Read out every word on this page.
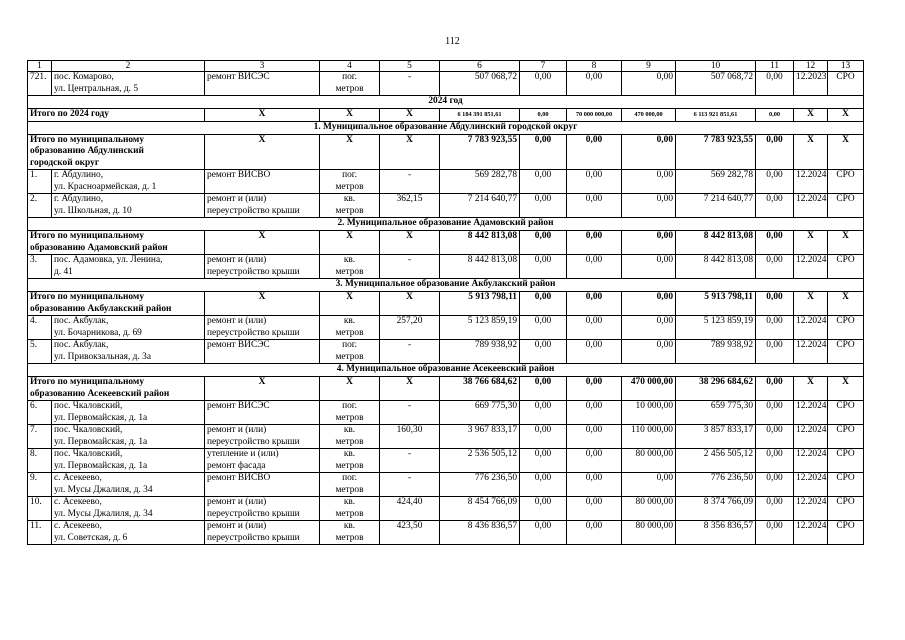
112
1	2	3	4	5	6	7	8	9	10	11	12	13
721.	пос. Комарово,
ул. Центральная, д. 5	ремонт ВИСЭС	пог.
метров	-	507 068,72	0,00	0,00	0,00	507 068,72	0,00	12.2023	СРО
2024 год												
Итого по 2024 году		X	X	X	6 184 391 851,61	0,00	70 000 000,00	470 000,00	6 113 921 851,61	0,00	X	X
1. Муниципальное образование Абдулинский городской округ												

Итого по муниципальному
образованию Абдулинский
городской округ		X	X	X	7 783 923,55	0,00	0,00	0,00	7 783 923,55	0,00	X	X
1.	г. Абдулино,
ул. Красноармейская, д. 1	ремонт ВИСВО	пог.
метров	-	569 282,78	0,00	0,00	0,00	569 282,78	0,00	12.2024	СРО
2.	г. Абдулино,
ул. Школьная, д. 10	ремонт и (или)
переустройство крыши	кв.
метров	362,15	7 214 640,77	0,00	0,00	0,00	7 214 640,77	0,00	12.2024	СРО
2. Муниципальное образование Адамовский район												

Итого по муниципальному
образованию Адамовский район		X	X	X	8 442 813,08	0,00	0,00	0,00	8 442 813,08	0,00	X	X
3.	пос. Адамовка, ул. Ленина,
д. 41	ремонт и (или)
переустройство крыши	кв.
метров	-	8 442 813,08	0,00	0,00	0,00	8 442 813,08	0,00	12.2024	СРО
3. Муниципальное образование Акбулакский район												

Итого по муниципальному
образованию Акбулакский район		X	X	X	5 913 798,11	0,00	0,00	0,00	5 913 798,11	0,00	X	X
4.	пос. Акбулак,
ул. Бочарникова, д. 69	ремонт и (или)
переустройство крыши	кв.
метров	257,20	5 123 859,19	0,00	0,00	0,00	5 123 859,19	0,00	12.2024	СРО
5.	пос. Акбулак,
ул. Привокзальная, д. 3а	ремонт ВИСЭС	пог.
метров	-	789 938,92	0,00	0,00	0,00	789 938,92	0,00	12.2024	СРО
4. Муниципальное образование Асекеевский район												

Итого по муниципальному
образованию Асекеевский район		X	X	X	38 766 684,62	0,00	0,00	470 000,00	38 296 684,62	0,00	X	X
6.	пос. Чкаловский,
ул. Первомайская, д. 1а	ремонт ВИСЭС	пог.
метров	-	669 775,30	0,00	0,00	10 000,00	659 775,30	0,00	12.2024	СРО
7.	пос. Чкаловский,
ул. Первомайская, д. 1а	ремонт и (или)
переустройство крыши	кв.
метров	160,30	3 967 833,17	0,00	0,00	110 000,00	3 857 833,17	0,00	12.2024	СРО
8.	пос. Чкаловский,
ул. Первомайская, д. 1а	утепление и (или)
ремонт фасада	кв.
метров	-	2 536 505,12	0,00	0,00	80 000,00	2 456 505,12	0,00	12.2024	СРО
9.	с. Асекеево,
ул. Мусы Джалиля, д. 34	ремонт ВИСВО	пог.
метров	-	776 236,50	0,00	0,00	0,00	776 236,50	0,00	12.2024	СРО
10.	с. Асекеево,
ул. Мусы Джалиля, д. 34	ремонт и (или)
переустройство крыши	кв.
метров	424,40	8 454 766,09	0,00	0,00	80 000,00	8 374 766,09	0,00	12.2024	СРО
11.	с. Асекеево,
ул. Советская, д. 6	ремонт и (или)
переустройство крыши	кв.
метров	423,50	8 436 836,57	0,00	0,00	80 000,00	8 356 836,57	0,00	12.2024	СРО
